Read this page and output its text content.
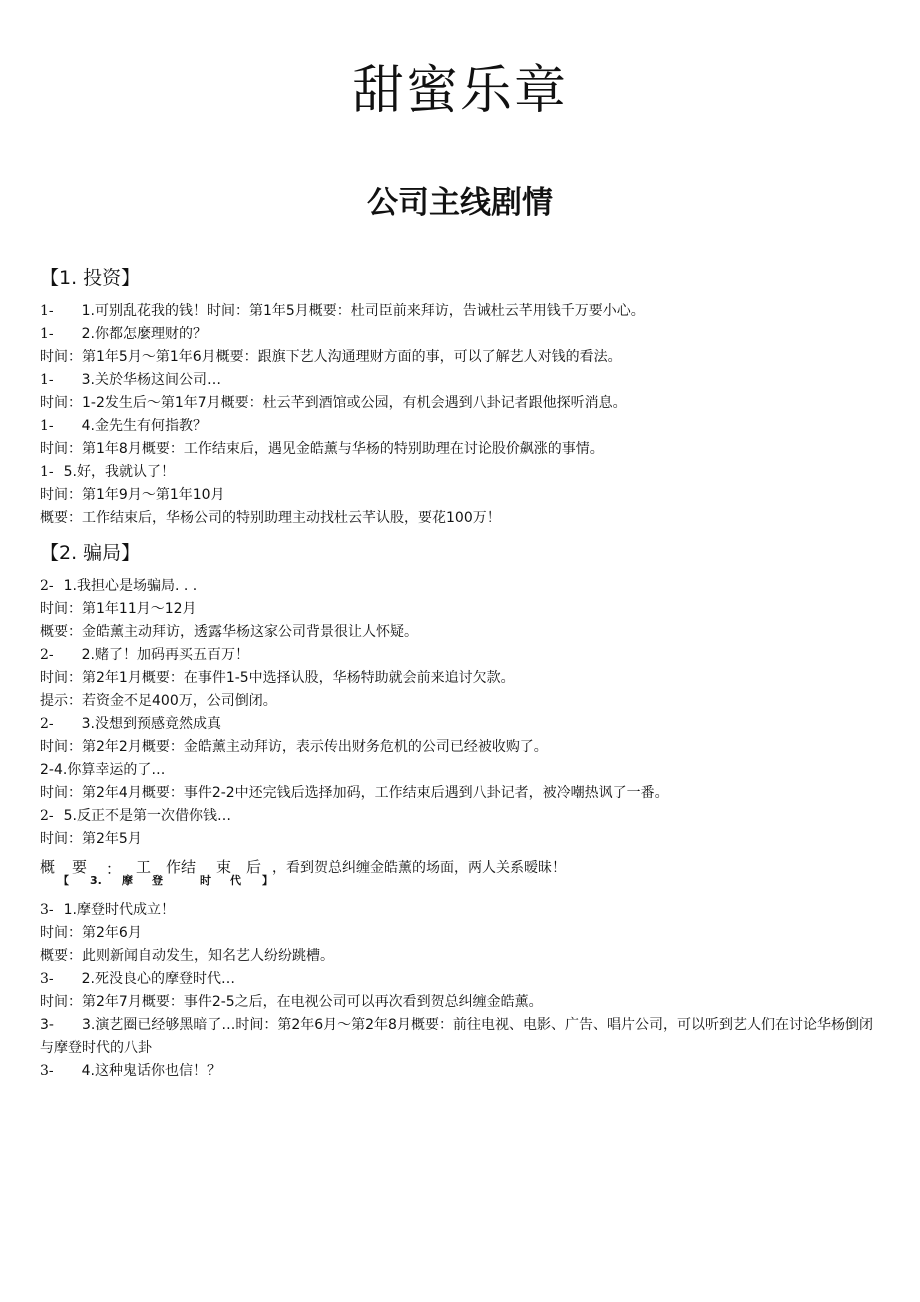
甜蜜乐章
公司主线剧情
【1. 投资】
1- 1.可别乱花我的钱！时间：第1年5月概要：杜司臣前来拜访，告诫杜云芊用钱千万要小心。
1- 2.你都怎麼理财的？
时间：第1年5月～第1年6月概要：跟旗下艺人沟通理财方面的事，可以了解艺人对钱的看法。
1- 3.关於华杨这间公司…
时间：1-2发生后～第1年7月概要：杜云芊到酒馆或公园，有机会遇到八卦记者跟他探听消息。
1- 4.金先生有何指教？
时间：第1年8月概要：工作结束后，遇见金皓薰与华杨的特别助理在讨论股价飙涨的事情。
1- 5.好，我就认了！
时间：第1年9月～第1年10月
概要：工作结束后，华杨公司的特别助理主动找杜云芊认股，要花100万！
【2. 骗局】
2- 1.我担心是场骗局. . .
时间：第1年11月～12月
概要：金皓薰主动拜访，透露华杨这家公司背景很让人怀疑。
2- 2.赌了！加码再买五百万！
时间：第2年1月概要：在事件1-5中选择认股，华杨特助就会前来追讨欠款。
提示：若资金不足400万，公司倒闭。
2- 3.没想到预感竟然成真
时间：第2年2月概要：金皓薰主动拜访，表示传出财务危机的公司已经被收购了。
2-4.你算幸运的了…
时间：第2年4月概要：事件2-2中还完钱后选择加码，工作结束后遇到八卦记者，被冷嘲热讽了一番。
2- 5.反正不是第一次借你钱…
时间：第2年5月
概 要 ： 工 作结 束 后
【 3. 摩 登	时 代 】
，看到贺总纠缠金皓薰的场面，两人关系暧昧！
3- 1.摩登时代成立！
时间：第2年6月
概要：此则新闻自动发生，知名艺人纷纷跳槽。
3- 2.死没良心的摩登时代…
时间：第2年7月概要：事件2-5之后，在电视公司可以再次看到贺总纠缠金皓薰。
3- 3.演艺圈已经够黑暗了…时间：第2年6月～第2年8月概要：前往电视、电影、广告、唱片公司，可以听到艺人们在讨论华杨倒闭与摩登时代的八卦
3- 4.这种鬼话你也信！？
